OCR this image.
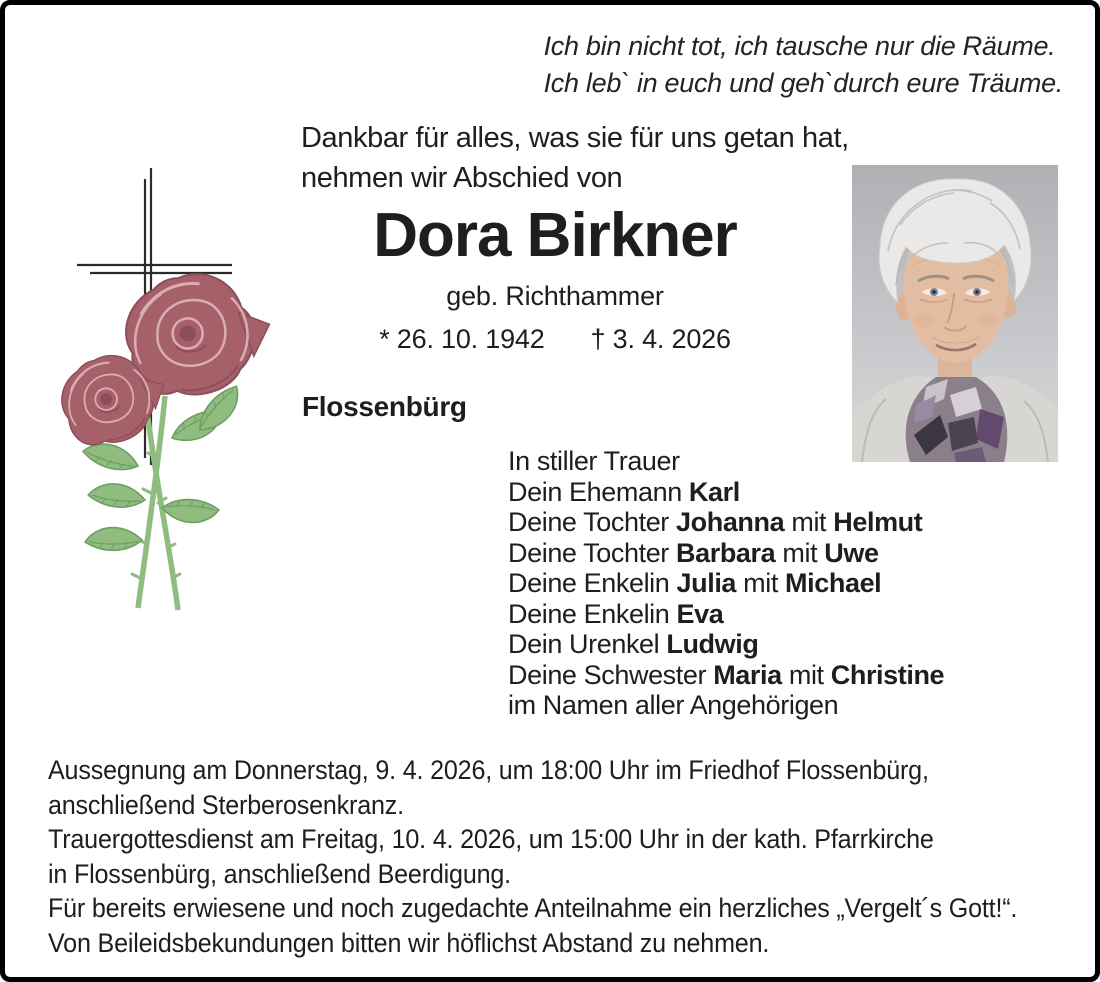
Ich bin nicht tot, ich tausche nur die Räume.
Ich leb` in euch und geh`durch eure Träume.
Dankbar für alles, was sie für uns getan hat,
nehmen wir Abschied von
Dora Birkner
geb. Richthammer
* 26. 10. 1942 † 3. 4. 2026
Flossenbürg
In stiller Trauer
Dein Ehemann Karl
Deine Tochter Johanna mit Helmut
Deine Tochter Barbara mit Uwe
Deine Enkelin Julia mit Michael
Deine Enkelin Eva
Dein Urenkel Ludwig
Deine Schwester Maria mit Christine
im Namen aller Angehörigen
Aussegnung am Donnerstag, 9. 4. 2026, um 18:00 Uhr im Friedhof Flossenbürg,
anschließend Sterberosenkranz.
Trauergottesdienst am Freitag, 10. 4. 2026, um 15:00 Uhr in der kath. Pfarrkirche
in Flossenbürg, anschließend Beerdigung.
Für bereits erwiesene und noch zugedachte Anteilnahme ein herzliches „Vergelt´s Gott!“.
Von Beileidsbekundungen bitten wir höflichst Abstand zu nehmen.
